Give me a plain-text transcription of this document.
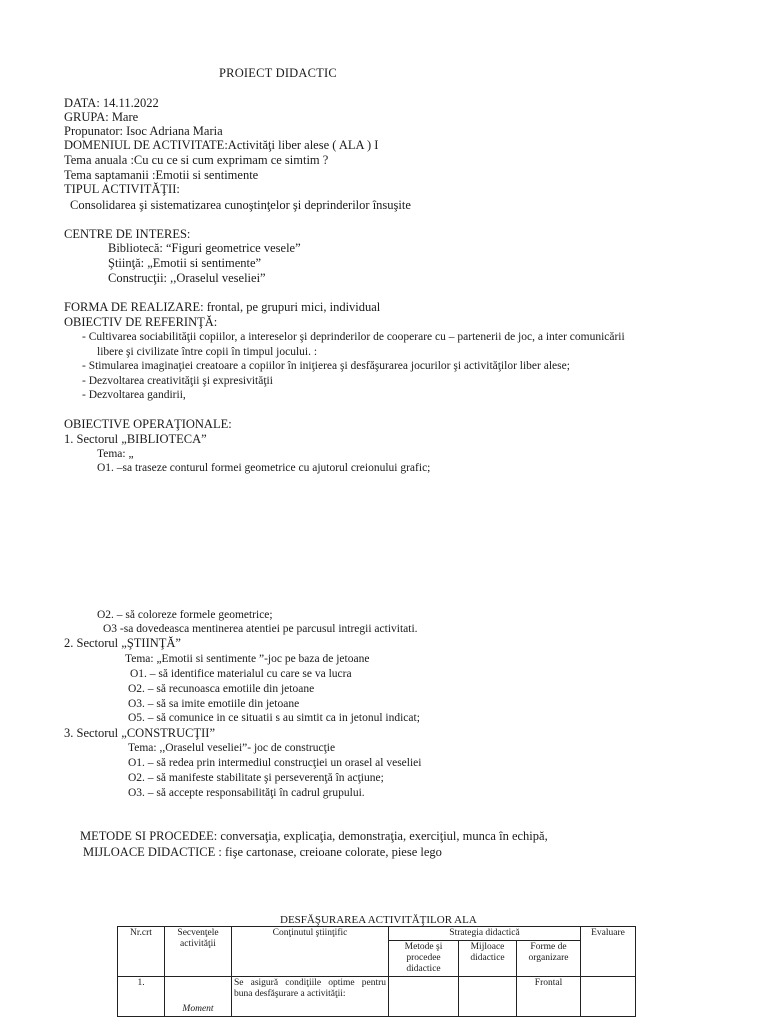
PROIECT DIDACTIC
DATA: 14.11.2022
GRUPA: Mare
Propunator: Isoc Adriana Maria
DOMENIUL DE ACTIVITATE:Activităţi liber alese ( ALA ) I
Tema anuala :Cu cu ce si cum exprimam ce simtim ?
Tema saptamanii :Emotii si sentimente
TIPUL ACTIVITĂŢII:
Consolidarea şi sistematizarea cunoştinţelor şi deprinderilor însuşite
CENTRE DE INTERES:
Bibliotecă: “Figuri geometrice vesele”
Ştiinţă: „Emotii si sentimente”
Construcţii: ,,Oraselul veseliei”
FORMA DE REALIZARE: frontal, pe grupuri mici, individual
OBIECTIV DE REFERINŢĂ:
- Cultivarea sociabilităţii copiilor, a intereselor şi deprinderilor de cooperare cu – partenerii de joc, a inter comunicării
libere şi civilizate între copii în timpul jocului. :
- Stimularea imaginaţiei creatoare a copiilor în iniţierea şi desfăşurarea jocurilor şi activităţilor liber alese;
- Dezvoltarea creativităţii şi expresivităţii
- Dezvoltarea gandirii,
OBIECTIVE OPERAŢIONALE:
1. Sectorul „BIBLIOTECA”
Tema: „
O1. –sa traseze conturul formei geometrice cu ajutorul creionului grafic;
O2. – să coloreze formele geometrice;
O3 -sa dovedeasca mentinerea atentiei pe parcusul intregii activitati.
2. Sectorul „ŞTIINŢĂ”
Tema: „Emotii si sentimente ”-joc pe baza de jetoane
O1. – să identifice materialul cu care se va lucra
O2. – să recunoasca emotiile din jetoane
O3. – să sa imite emotiile din jetoane
O5. – să comunice in ce situatii s au simtit ca in jetonul indicat;
3. Sectorul „CONSTRUCŢII”
Tema: ,,Oraselul veseliei”- joc de construcţie
O1. – să redea prin intermediul construcţiei un orasel al veseliei
O2. – să manifeste stabilitate şi perseverenţă în acţiune;
O3. – să accepte responsabilităţi în cadrul grupului.
METODE SI PROCEDEE: conversaţia, explicaţia, demonstraţia, exerciţiul, munca în echipă,
MIJLOACE DIDACTICE : fişe cartonase, creioane colorate, piese lego
DESFĂŞURAREA ACTIVITĂŢILOR ALA
Nr.crt	Secvenţele activităţii	Conţinutul ştiinţific	Strategia didactică			Evaluare
			Metode şi procedee didactice	Mijloace didactice	Forme de organizare	
1.	Moment	Se asigură condiţiile optime pentru buna desfăşurare a activităţii:			Frontal	
